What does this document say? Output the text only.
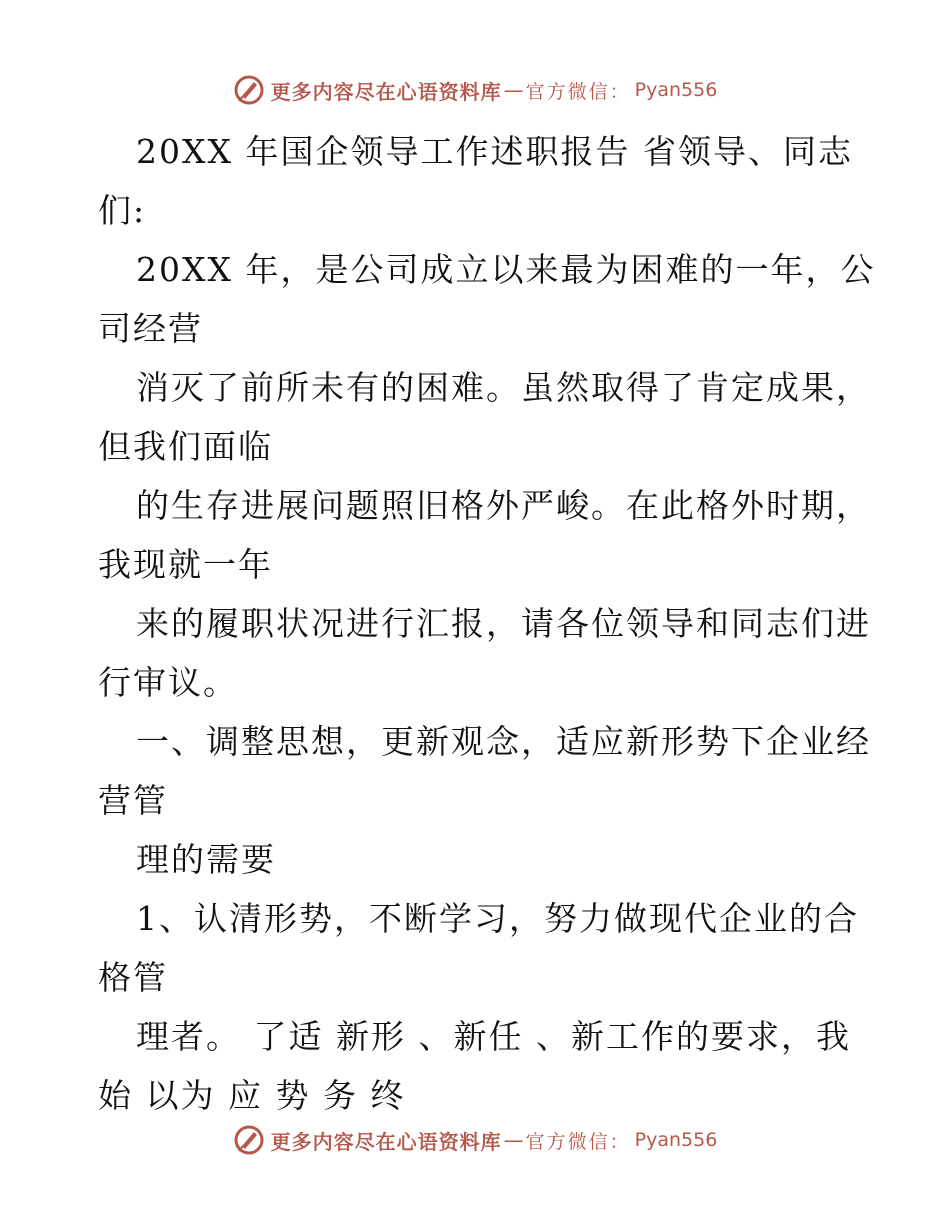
更多内容尽在心语资料库 — 官方微信： Pyan556
20XX 年国企领导工作述职报告 省领导、同志
们:
20XX 年，是公司成立以来最为困难的一年，公
司经营
消灭了前所未有的困难。虽然取得了肯定成果，
但我们面临
的生存进展问题照旧格外严峻。在此格外时期，
我现就一年
来的履职状况进行汇报，请各位领导和同志们进
行审议。
一、调整思想，更新观念，适应新形势下企业经
营管
理的需要
1、认清形势，不断学习，努力做现代企业的合
格管
理者。 了适 新形 、新任 、新工作的要求，我
始 以为 应 势 务 终
更多内容尽在心语资料库 — 官方微信： Pyan556
